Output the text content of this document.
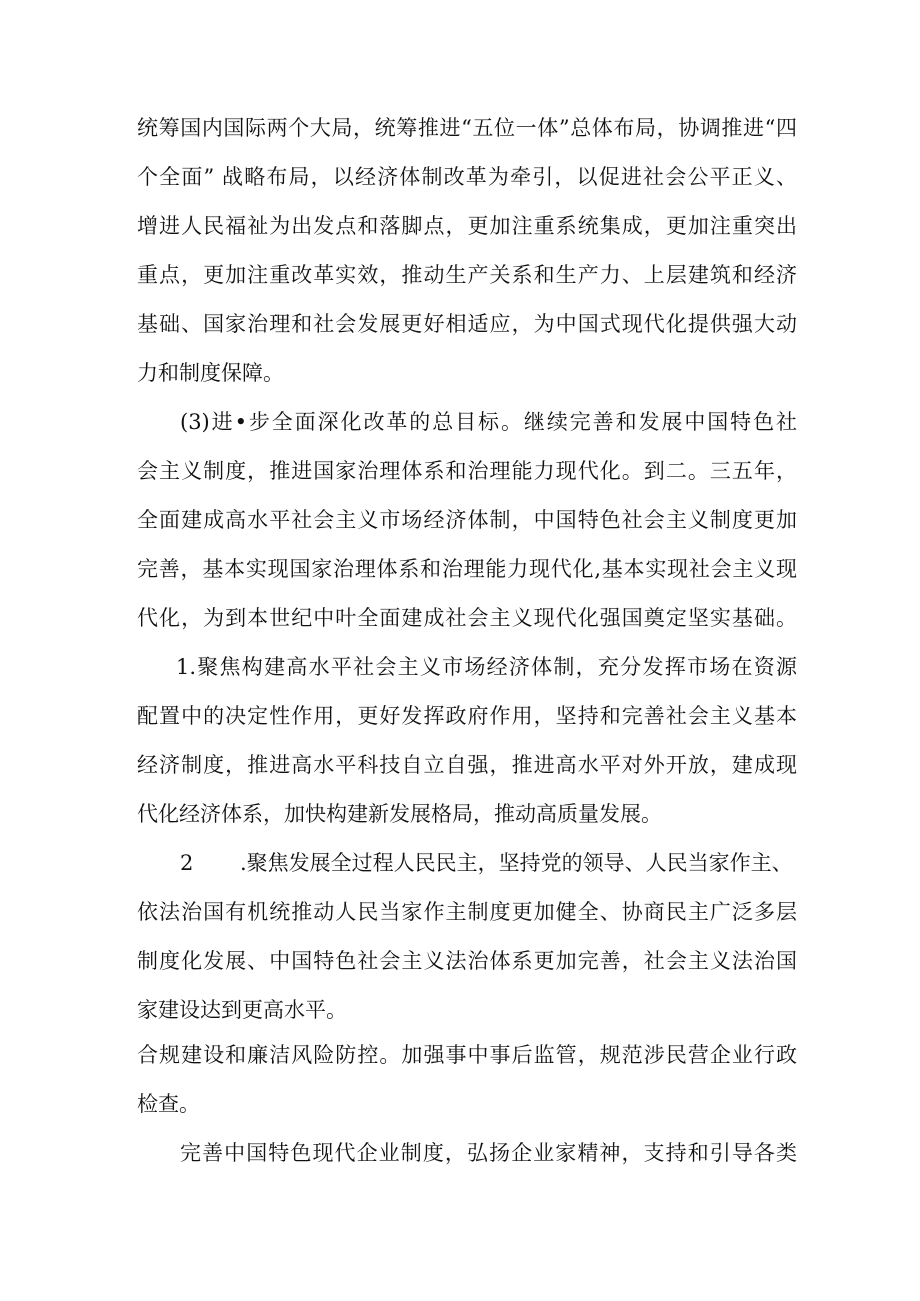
统筹国内国际两个大局，统筹推进“五位一体”总体布局，协调推进“四
个全面” 战略布局，以经济体制改革为牵引，以促进社会公平正义、
增进人民福祉为出发点和落脚点，更加注重系统集成，更加注重突出
重点，更加注重改革实效，推动生产关系和生产力、上层建筑和经济
基础、国家治理和社会发展更好相适应，为中国式现代化提供强大动
力和制度保障。
(3)进•步全面深化改革的总目标。继续完善和发展中国特色社
会主义制度，推进国家治理体系和治理能力现代化。到二。三五年，
全面建成高水平社会主义市场经济体制，中国特色社会主义制度更加
完善，基本实现国家治理体系和治理能力现代化,基本实现社会主义现
代化，为到本世纪中叶全面建成社会主义现代化强国奠定坚实基础。
1.聚焦构建高水平社会主义市场经济体制，充分发挥市场在资源
配置中的决定性作用，更好发挥政府作用，坚持和完善社会主义基本
经济制度，推进高水平科技自立自强，推进高水平对外开放，建成现
代化经济体系，加快构建新发展格局，推动高质量发展。
2 .聚焦发展全过程人民民主，坚持党的领导、人民当家作主、
依法治国有机统推动人民当家作主制度更加健全、协商民主广泛多层
制度化发展、中国特色社会主义法治体系更加完善，社会主义法治国
家建设达到更高水平。
合规建设和廉洁风险防控。加强事中事后监管，规范涉民营企业行政
检查。
完善中国特色现代企业制度，弘扬企业家精神，支持和引导各类
